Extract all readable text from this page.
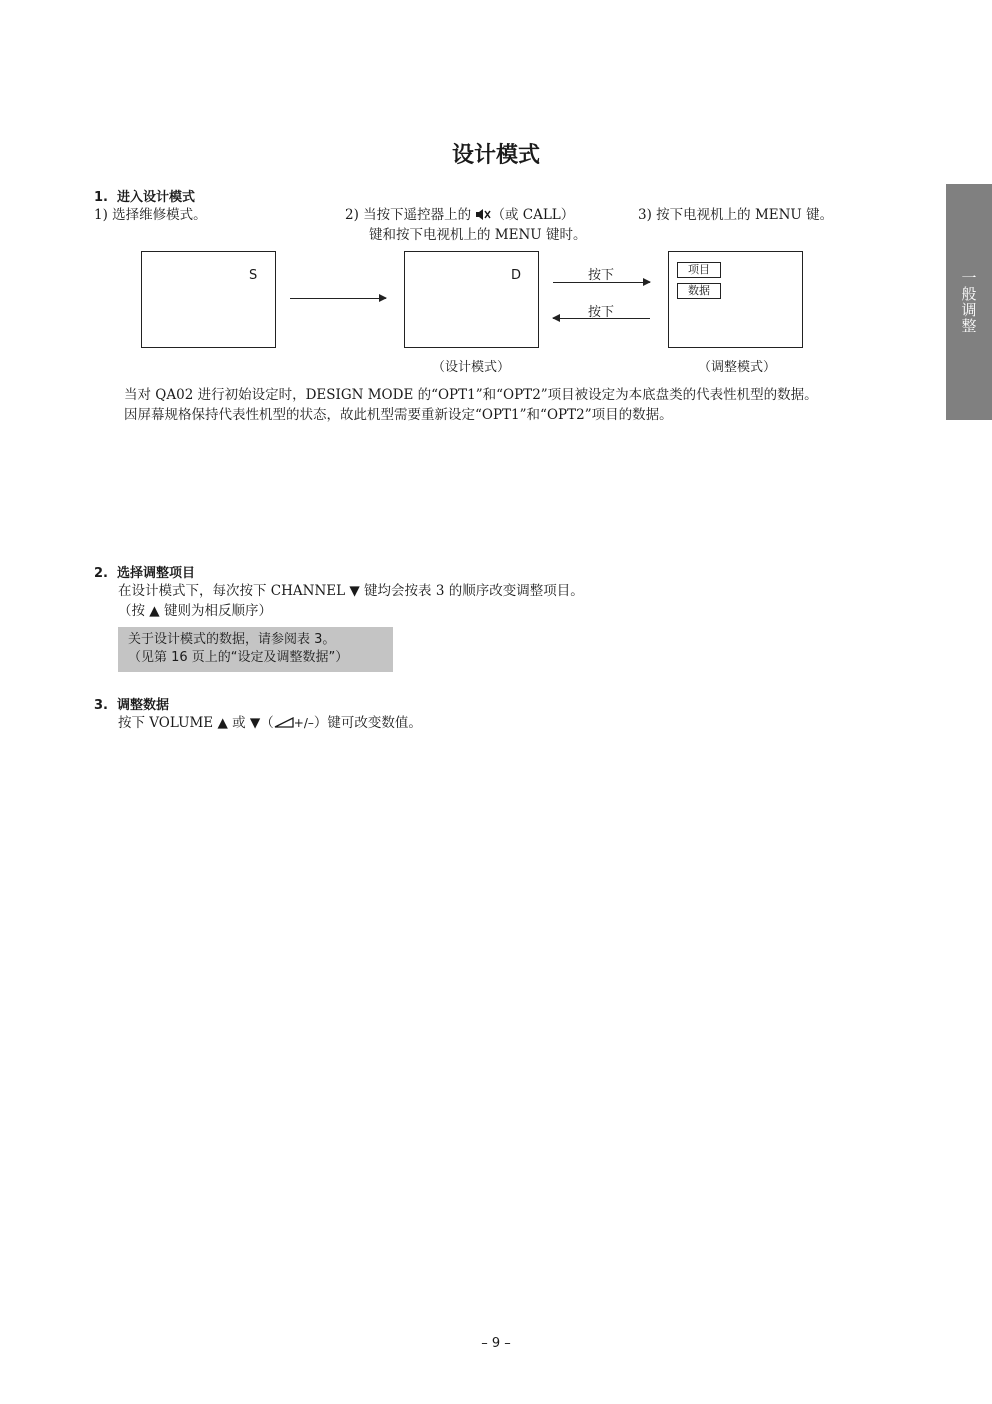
设计模式
一般调整
1. 进入设计模式
1) 选择维修模式。	2) 当按下遥控器上的 （或 CALL）
键和按下电视机上的 MENU 键时。
3) 按下电视机上的 MENU 键。
S	D	按下
按下
项目
数据
（设计模式）	（调整模式）
当对 QA02 进行初始设定时，DESIGN MODE 的“OPT1”和“OPT2”项目被设定为本底盘类的代表性机型的数据。
因屏幕规格保持代表性机型的状态，故此机型需要重新设定“OPT1”和“OPT2”项目的数据。
2. 选择调整项目
在设计模式下，每次按下 CHANNEL ▼ 键均会按表 3 的顺序改变调整项目。
（按 ▲ 键则为相反顺序）
关于设计模式的数据，请参阅表 3。
（见第 16 页上的“设定及调整数据”）
3. 调整数据
按下 VOLUME ▲ 或 ▼（ +/–）键可改变数值。
– 9 –
